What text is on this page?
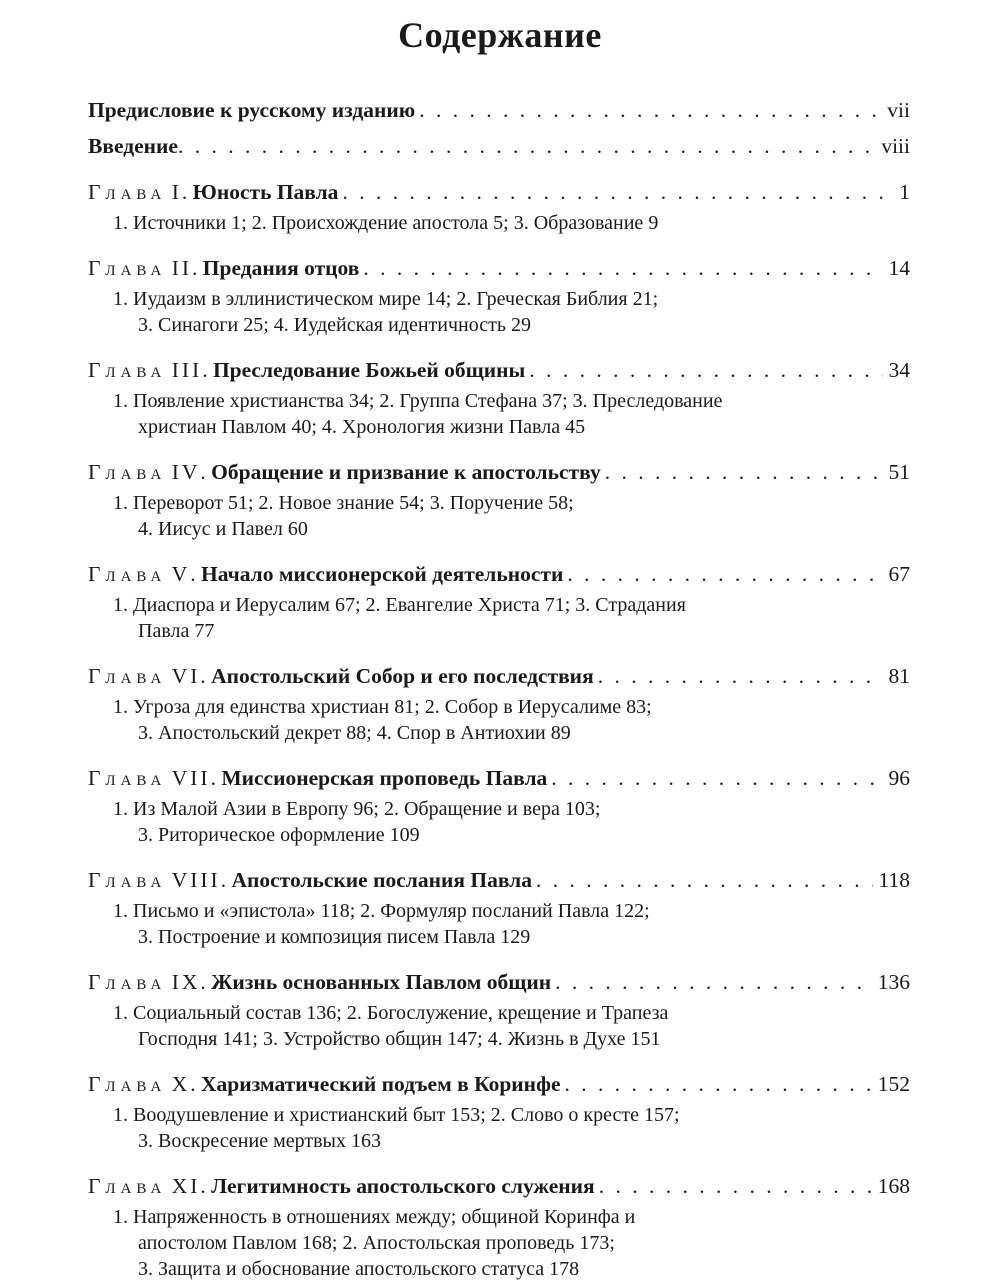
Содержание
Предисловие к русскому изданию . . .	vii
Введение . . .	viii
Глава I. Юность Павла . . .	1
1. Источники 1; 2. Происхождение апостола 5; 3. Образование 9
Глава II. Предания отцов . . .	14
1. Иудаизм в эллинистическом мире 14; 2. Греческая Библия 21;
3. Синагоги 25; 4. Иудейская идентичность 29
Глава III. Преследование Божьей общины . . .	34
1. Появление христианства 34; 2. Группа Стефана 37; 3. Преследование
христиан Павлом 40; 4. Хронология жизни Павла 45
Глава IV. Обращение и призвание к апостольству . . .	51
1. Переворот 51; 2. Новое знание 54; 3. Поручение 58;
4. Иисус и Павел 60
Глава V. Начало миссионерской деятельности . . .	67
1. Диаспора и Иерусалим 67; 2. Евангелие Христа 71; 3. Страдания
Павла 77
Глава VI. Апостольский Собор и его последствия . . .	81
1. Угроза для единства христиан 81; 2. Собор в Иерусалиме 83;
3. Апостольский декрет 88; 4. Спор в Антиохии 89
Глава VII. Миссионерская проповедь Павла . . .	96
1. Из Малой Азии в Европу 96; 2. Обращение и вера 103;
3. Риторическое оформление 109
Глава VIII. Апостольские послания Павла . . .	118
1. Письмо и «эпистола» 118; 2. Формуляр посланий Павла 122;
3. Построение и композиция писем Павла 129
Глава IX. Жизнь основанных Павлом общин . . .	136
1. Социальный состав 136; 2. Богослужение, крещение и Трапеза
Господня 141; 3. Устройство общин 147; 4. Жизнь в Духе 151
Глава X. Харизматический подъем в Коринфе . . .	152
1. Воодушевление и христианский быт 153; 2. Слово о кресте 157;
3. Воскресение мертвых 163
Глава XI. Легитимность апостольского служения . . .	168
1. Напряженность в отношениях между; общиной Коринфа и
апостолом Павлом 168; 2. Апостольская проповедь 173;
3. Защита и обоснование апостольского статуса 178
